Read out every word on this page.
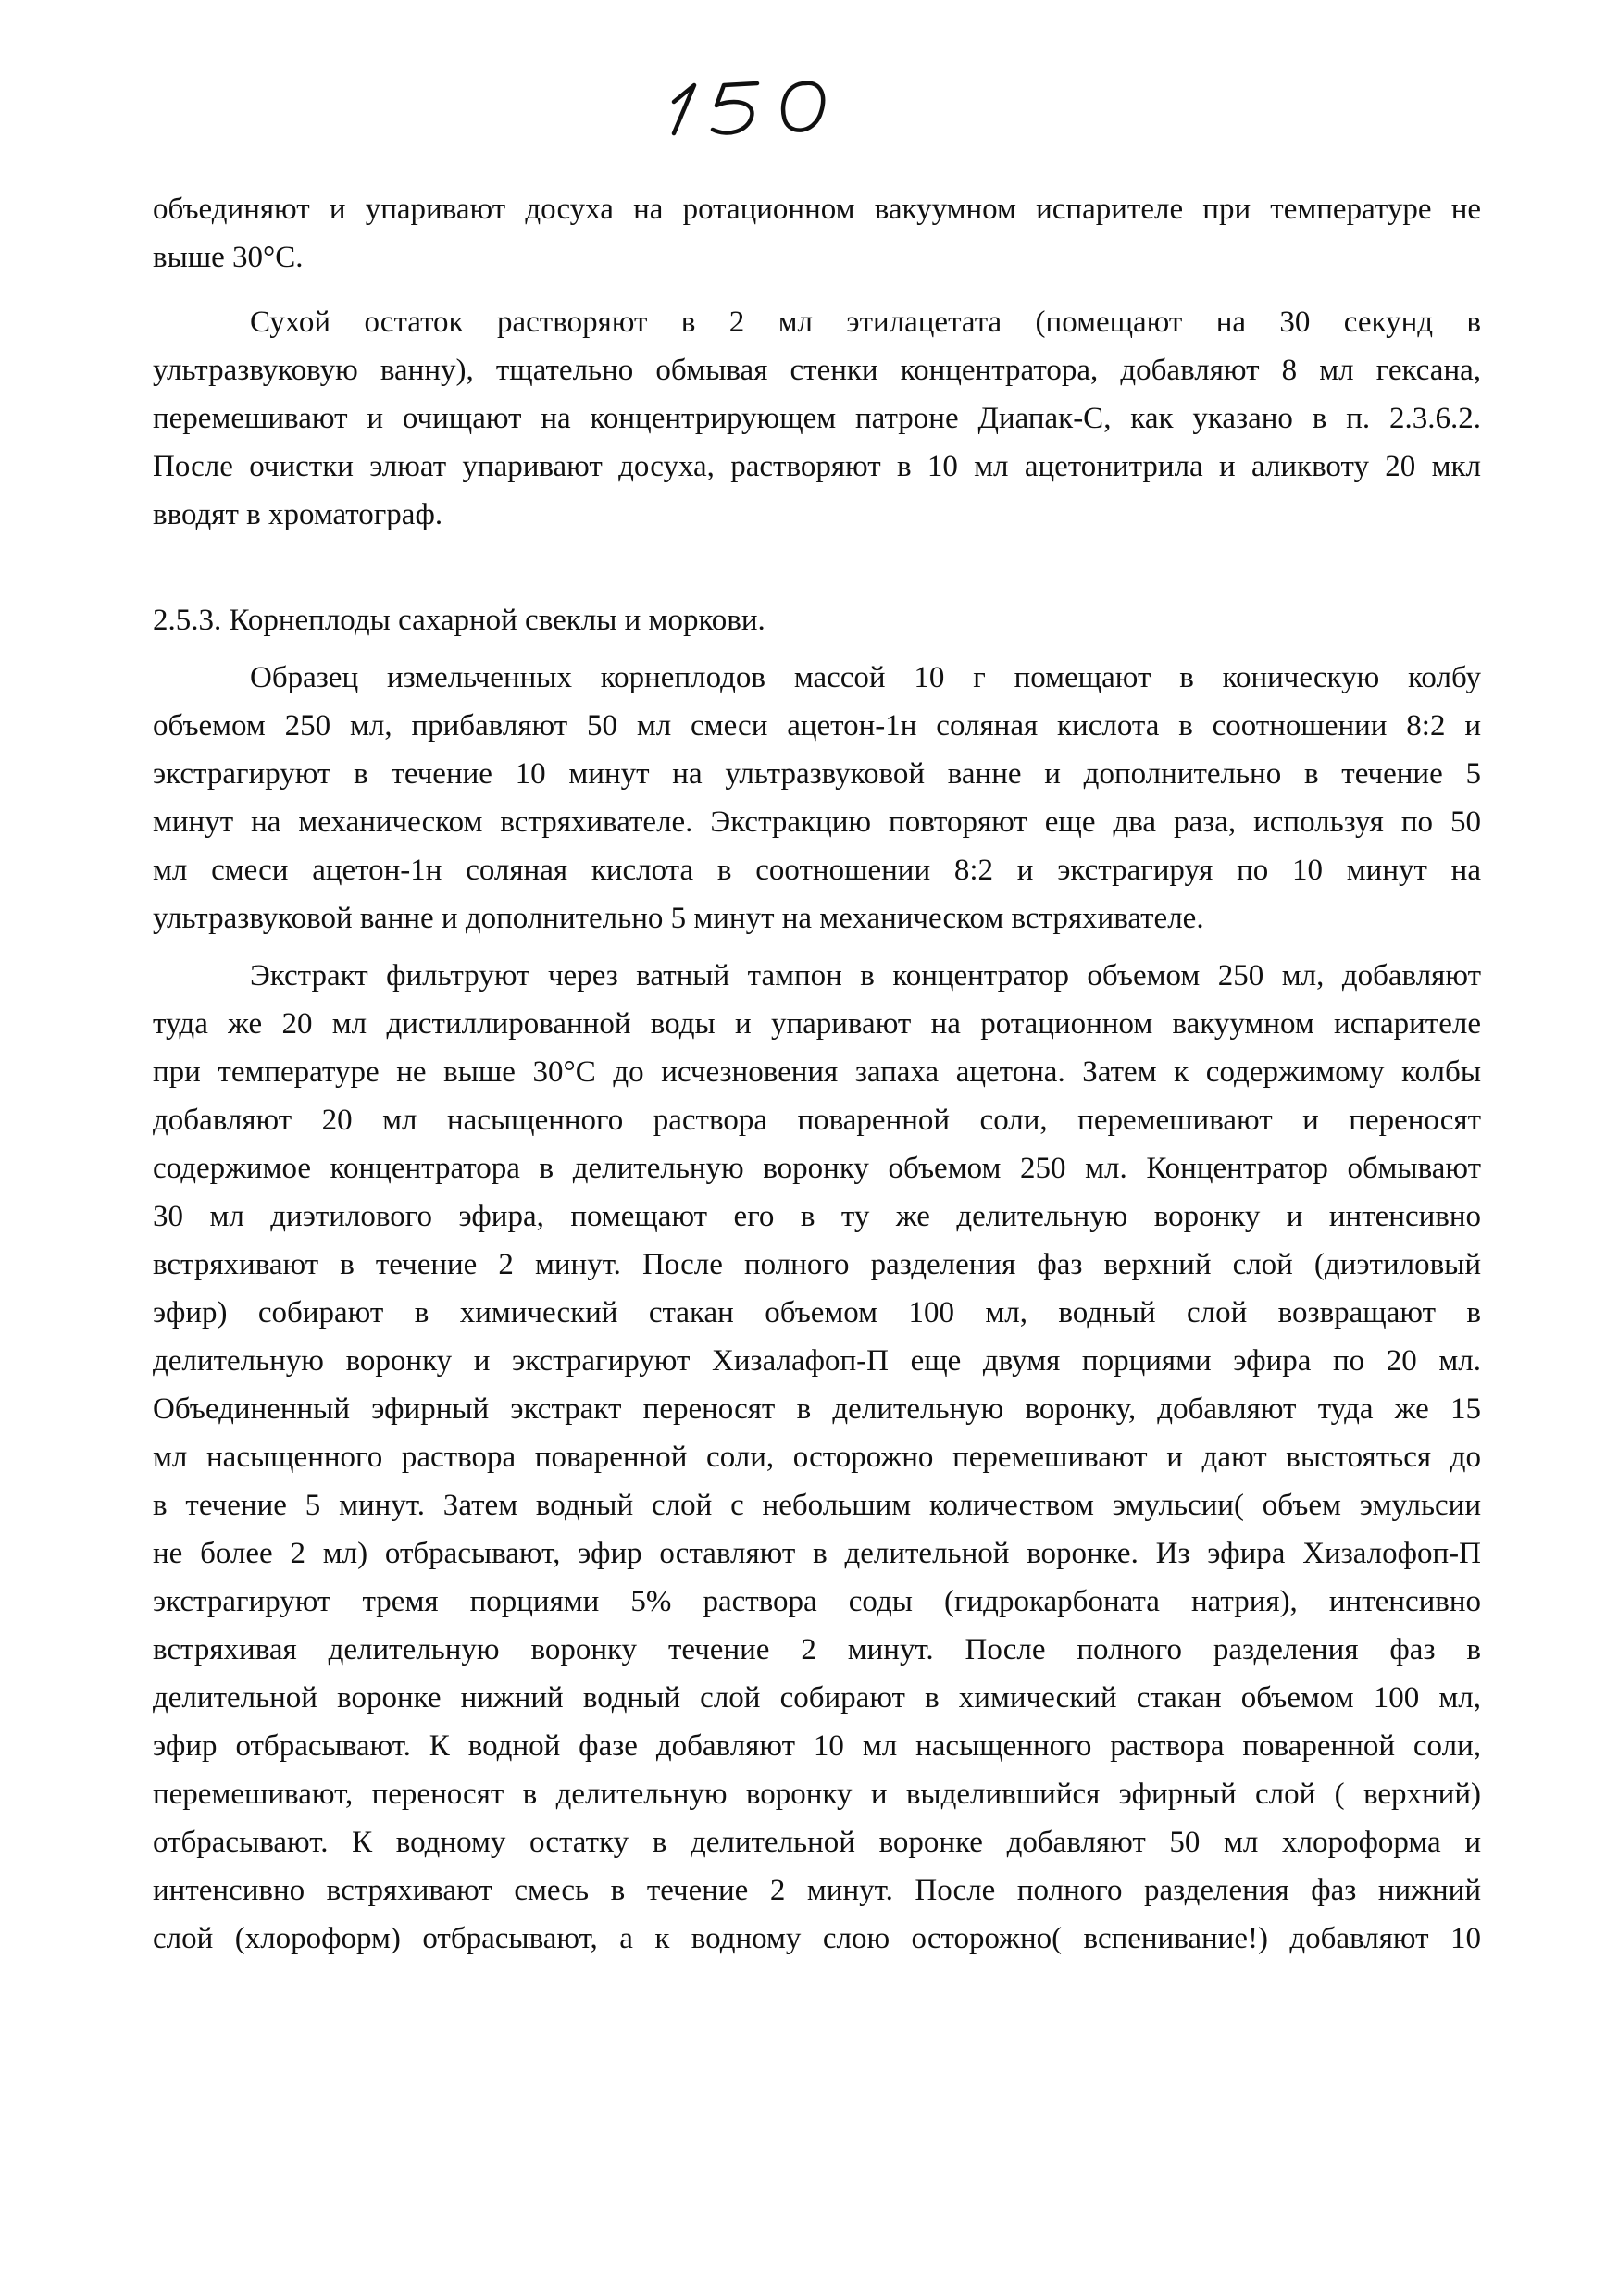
объединяют и упаривают досуха на ротационном вакуумном испарителе при температуре не
выше 30°С.
Сухой остаток растворяют в 2 мл этилацетата (помещают на 30 секунд в
ультразвуковую ванну), тщательно обмывая стенки концентратора, добавляют 8 мл гексана,
перемешивают и очищают на концентрирующем патроне Диапак-С, как указано в п. 2.3.6.2.
После очистки элюат упаривают досуха, растворяют в 10 мл ацетонитрила и аликвоту 20 мкл
вводят в хроматограф.
2.5.3. Корнеплоды сахарной свеклы и моркови.
Образец измельченных корнеплодов массой 10 г помещают в коническую колбу
объемом 250 мл, прибавляют 50 мл смеси ацетон-1н соляная кислота в соотношении 8:2 и
экстрагируют в течение 10 минут на ультразвуковой ванне и дополнительно в течение 5
минут на механическом встряхивателе. Экстракцию повторяют еще два раза, используя по 50
мл смеси ацетон-1н соляная кислота в соотношении 8:2 и экстрагируя по 10 минут на
ультразвуковой ванне и дополнительно 5 минут на механическом встряхивателе.
Экстракт фильтруют через ватный тампон в концентратор объемом 250 мл, добавляют
туда же 20 мл дистиллированной воды и упаривают на ротационном вакуумном испарителе
при температуре не выше 30°С до исчезновения запаха ацетона. Затем к содержимому колбы
добавляют 20 мл насыщенного раствора поваренной соли, перемешивают и переносят
содержимое концентратора в делительную воронку объемом 250 мл. Концентратор обмывают
30 мл диэтилового эфира, помещают его в ту же делительную воронку и интенсивно
встряхивают в течение 2 минут. После полного разделения фаз верхний слой (диэтиловый
эфир) собирают в химический стакан объемом 100 мл, водный слой возвращают в
делительную воронку и экстрагируют Хизалафоп-П еще двумя порциями эфира по 20 мл.
Объединенный эфирный экстракт переносят в делительную воронку, добавляют туда же 15
мл насыщенного раствора поваренной соли, осторожно перемешивают и дают выстояться до
в течение 5 минут. Затем водный слой с небольшим количеством эмульсии( объем эмульсии
не более 2 мл) отбрасывают, эфир оставляют в делительной воронке. Из эфира Хизалофоп-П
экстрагируют тремя порциями 5% раствора соды (гидрокарбоната натрия), интенсивно
встряхивая делительную воронку течение 2 минут. После полного разделения фаз в
делительной воронке нижний водный слой собирают в химический стакан объемом 100 мл,
эфир отбрасывают. К водной фазе добавляют 10 мл насыщенного раствора поваренной соли,
перемешивают, переносят в делительную воронку и выделившийся эфирный слой ( верхний)
отбрасывают. К водному остатку в делительной воронке добавляют 50 мл хлороформа и
интенсивно встряхивают смесь в течение 2 минут. После полного разделения фаз нижний
слой (хлороформ) отбрасывают, а к водному слою осторожно( вспенивание!) добавляют 10
